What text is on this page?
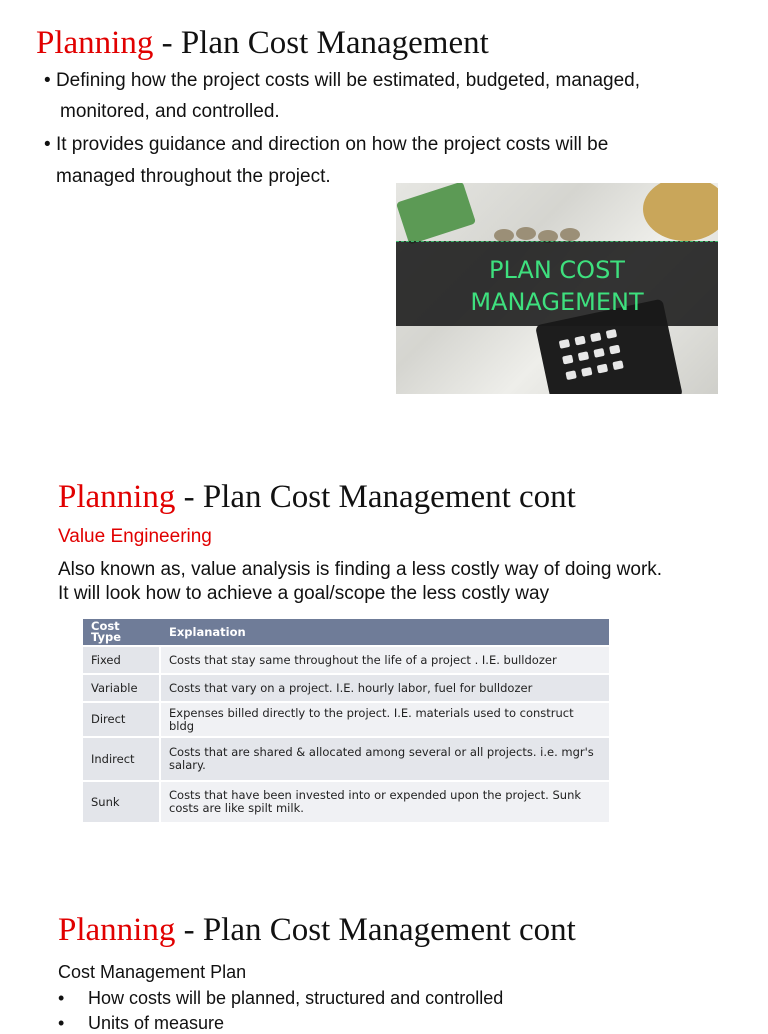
Planning - Plan Cost Management
• Defining how the project costs will be estimated, budgeted, managed,
monitored, and controlled.
• It provides guidance and direction on how the project costs will be
managed throughout the project.
PLAN COST
MANAGEMENT
Planning - Plan Cost Management cont
Value Engineering
Also known as, value analysis is finding a less costly way of doing work.
It will look how to achieve a goal/scope the less costly way
Cost Type	Explanation
Fixed	Costs that stay same throughout the life of a project . I.E. bulldozer
Variable	Costs that vary on a project. I.E. hourly labor, fuel for bulldozer
Direct	Expenses billed directly to the project. I.E. materials used to construct bldg
Indirect	Costs that are shared & allocated among several or all projects. i.e. mgr's salary.
Sunk	Costs that have been invested into or expended upon the project. Sunk costs are like spilt milk.
Planning - Plan Cost Management cont
Cost Management Plan
• How costs will be planned, structured and controlled
• Units of measure
